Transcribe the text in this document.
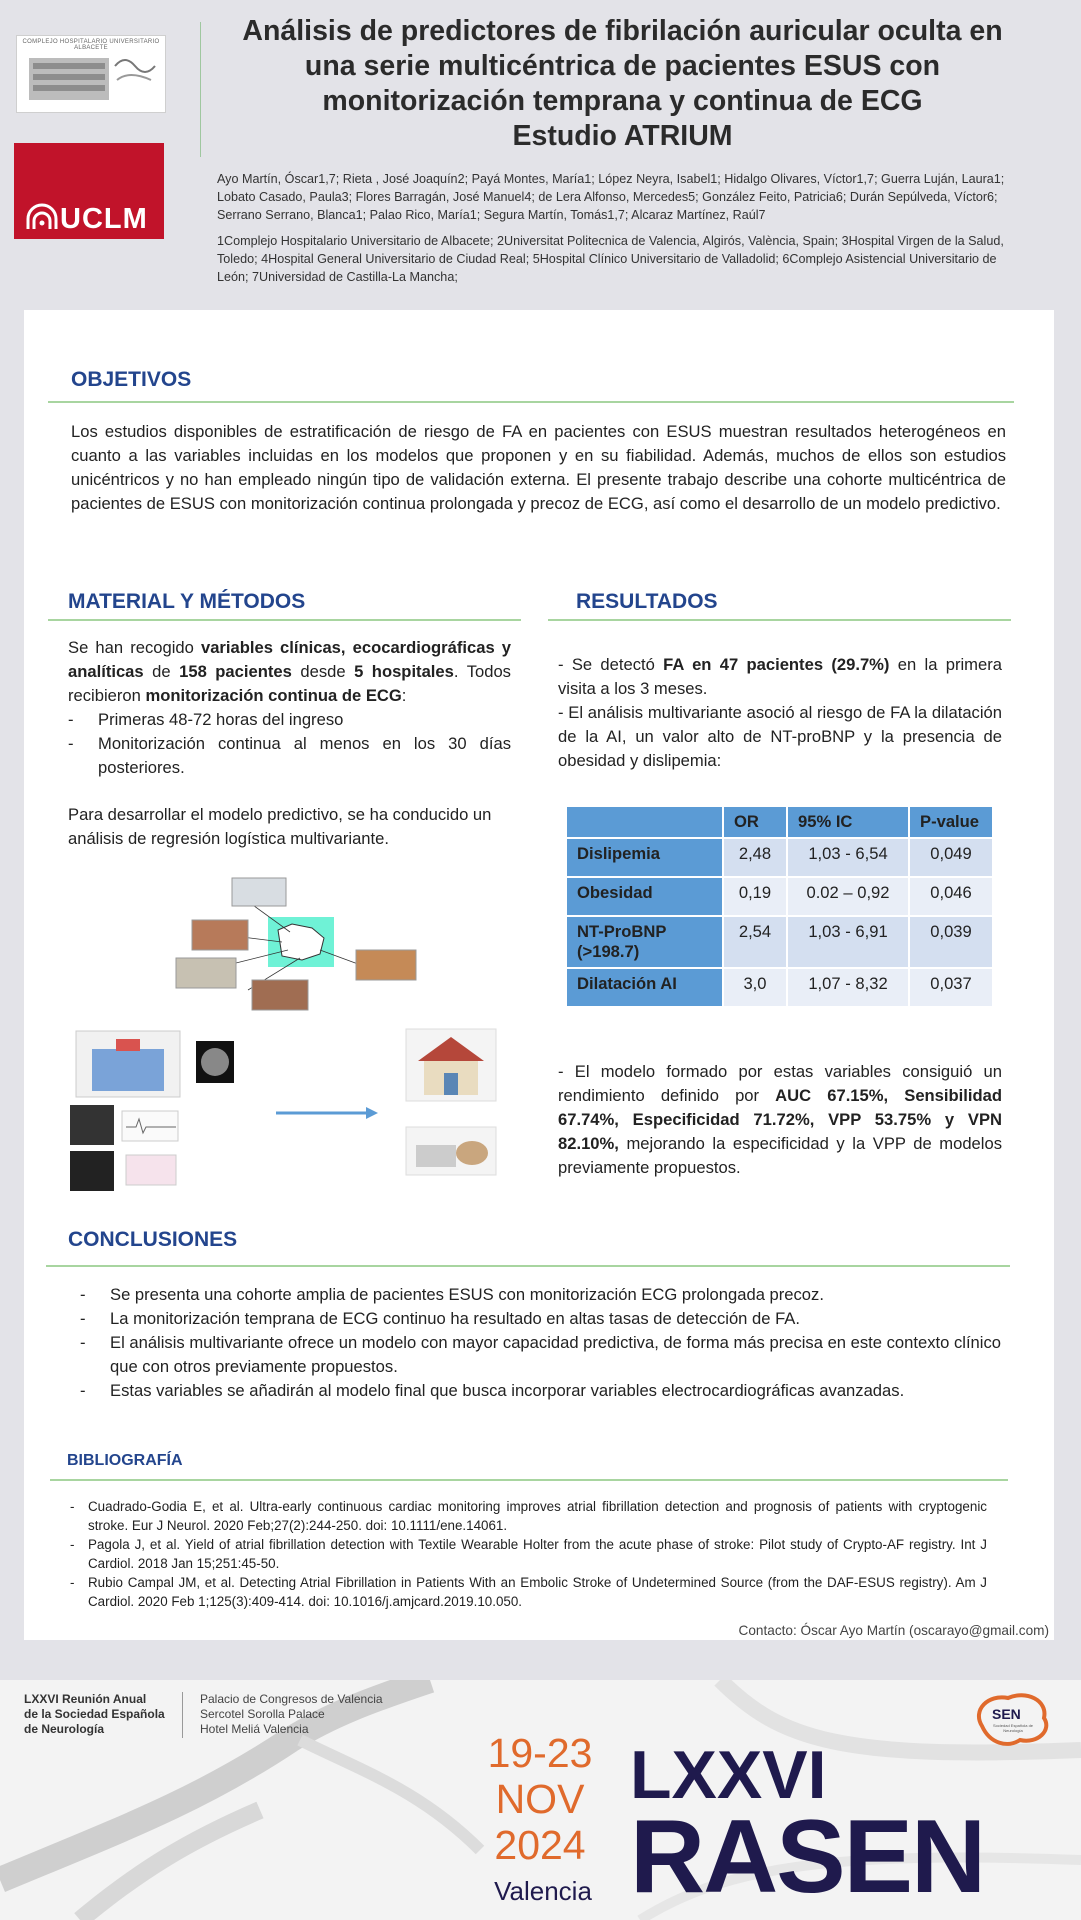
COMPLEJO HOSPITALARIO UNIVERSITARIO ALBACETE
UCLM
Análisis de predictores de fibrilación auricular oculta en
una serie multicéntrica de pacientes ESUS con
monitorización temprana y continua de ECG
Estudio ATRIUM
Ayo Martín, Óscar1,7; Rieta , José Joaquín2; Payá Montes, María1; López Neyra, Isabel1; Hidalgo Olivares, Víctor1,7; Guerra Luján, Laura1; Lobato Casado, Paula3; Flores Barragán, José Manuel4; de Lera Alfonso, Mercedes5; González Feito, Patricia6; Durán Sepúlveda, Víctor6; Serrano Serrano, Blanca1; Palao Rico, María1; Segura Martín, Tomás1,7; Alcaraz Martínez, Raúl7
1Complejo Hospitalario Universitario de Albacete; 2Universitat Politecnica de Valencia, Algirós, València, Spain; 3Hospital Virgen de la Salud, Toledo; 4Hospital General Universitario de Ciudad Real; 5Hospital Clínico Universitario de Valladolid; 6Complejo Asistencial Universitario de León; 7Universidad de Castilla-La Mancha;
OBJETIVOS
Los estudios disponibles de estratificación de riesgo de FA en pacientes con ESUS muestran resultados heterogéneos en cuanto a las variables incluidas en los modelos que proponen y en su fiabilidad. Además, muchos de ellos son estudios unicéntricos y no han empleado ningún tipo de validación externa. El presente trabajo describe una cohorte multicéntrica de pacientes de ESUS con monitorización continua prolongada y precoz de ECG, así como el desarrollo de un modelo predictivo.
MATERIAL Y MÉTODOS
Se han recogido variables clínicas, ecocardiográficas y analíticas de 158 pacientes desde 5 hospitales. Todos recibieron monitorización continua de ECG:
- Primeras 48-72 horas del ingreso
- Monitorización continua al menos en los 30 días posteriores.
Para desarrollar el modelo predictivo, se ha conducido un análisis de regresión logística multivariante.
RESULTADOS
- Se detectó FA en 47 pacientes (29.7%) en la primera visita a los 3 meses.
- El análisis multivariante asoció al riesgo de FA la dilatación de la AI, un valor alto de NT-proBNP y la presencia de obesidad y dislipemia:
	OR	95% IC	P-value
Dislipemia	2,48	1,03 - 6,54	0,049
Obesidad	0,19	0.02 – 0,92	0,046
NT-ProBNP (>198.7)	2,54	1,03 - 6,91	0,039
Dilatación AI	3,0	1,07 - 8,32	0,037
- El modelo formado por estas variables consiguió un rendimiento definido por AUC 67.15%, Sensibilidad 67.74%, Especificidad 71.72%, VPP 53.75% y VPN 82.10%, mejorando la especificidad y la VPP de modelos previamente propuestos.
CONCLUSIONES
- Se presenta una cohorte amplia de pacientes ESUS con monitorización ECG prolongada precoz.
- La monitorización temprana de ECG continuo ha resultado en altas tasas de detección de FA.
- El análisis multivariante ofrece un modelo con mayor capacidad predictiva, de forma más precisa en este contexto clínico que con otros previamente propuestos.
- Estas variables se añadirán al modelo final que busca incorporar variables electrocardiográficas avanzadas.
BIBLIOGRAFÍA
- Cuadrado-Godia E, et al. Ultra-early continuous cardiac monitoring improves atrial fibrillation detection and prognosis of patients with cryptogenic stroke. Eur J Neurol. 2020 Feb;27(2):244-250. doi: 10.1111/ene.14061.
- Pagola J, et al. Yield of atrial fibrillation detection with Textile Wearable Holter from the acute phase of stroke: Pilot study of Crypto-AF registry. Int J Cardiol. 2018 Jan 15;251:45-50.
- Rubio Campal JM, et al. Detecting Atrial Fibrillation in Patients With an Embolic Stroke of Undetermined Source (from the DAF-ESUS registry). Am J Cardiol. 2020 Feb 1;125(3):409-414. doi: 10.1016/j.amjcard.2019.10.050.
Contacto: Óscar Ayo Martín (oscarayo@gmail.com)
LXXVI Reunión Anual
de la Sociedad Española
de Neurología
Palacio de Congresos de Valencia
Sercotel Sorolla Palace
Hotel Meliá Valencia
19-23
NOV
2024
Valencia
LXXVI
RASEN
SEN
Sociedad Española de Neurología
